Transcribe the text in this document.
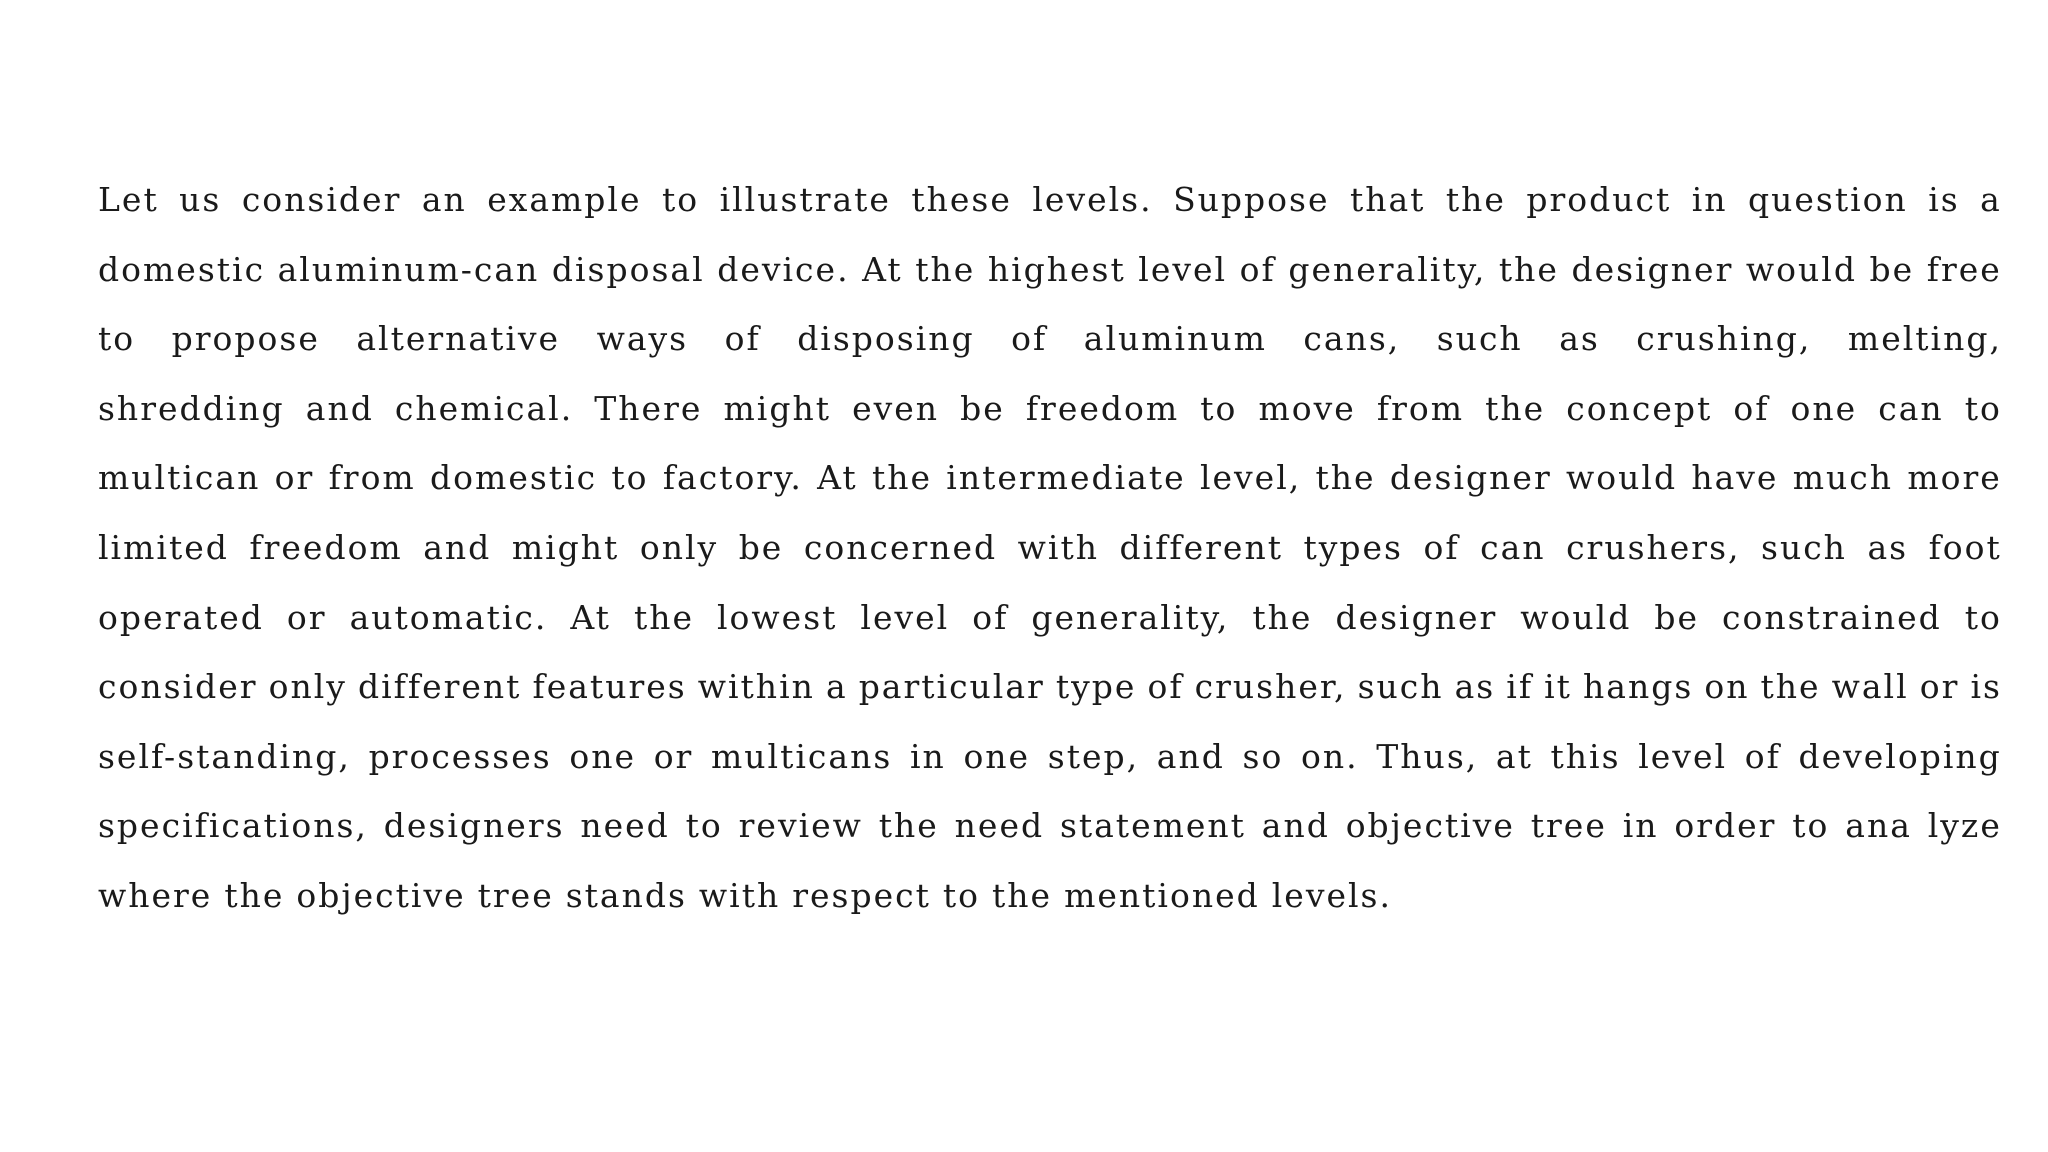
Let us consider an example to illustrate these levels. Suppose that the product in question is a
domestic aluminum-can disposal device. At the highest level of generality, the designer would be free
to propose alternative ways of disposing of aluminum cans, such as crushing, melting,
shredding and chemical. There might even be freedom to move from the concept of one can to
multican or from domestic to factory. At the intermediate level, the designer would have much more
limited freedom and might only be concerned with different types of can crushers, such as foot
operated or automatic. At the lowest level of generality, the designer would be constrained to
consider only different features within a particular type of crusher, such as if it hangs on the wall or is
self-standing, processes one or multicans in one step, and so on. Thus, at this level of developing
specifications, designers need to review the need statement and objective tree in order to ana lyze
where the objective tree stands with respect to the mentioned levels.
